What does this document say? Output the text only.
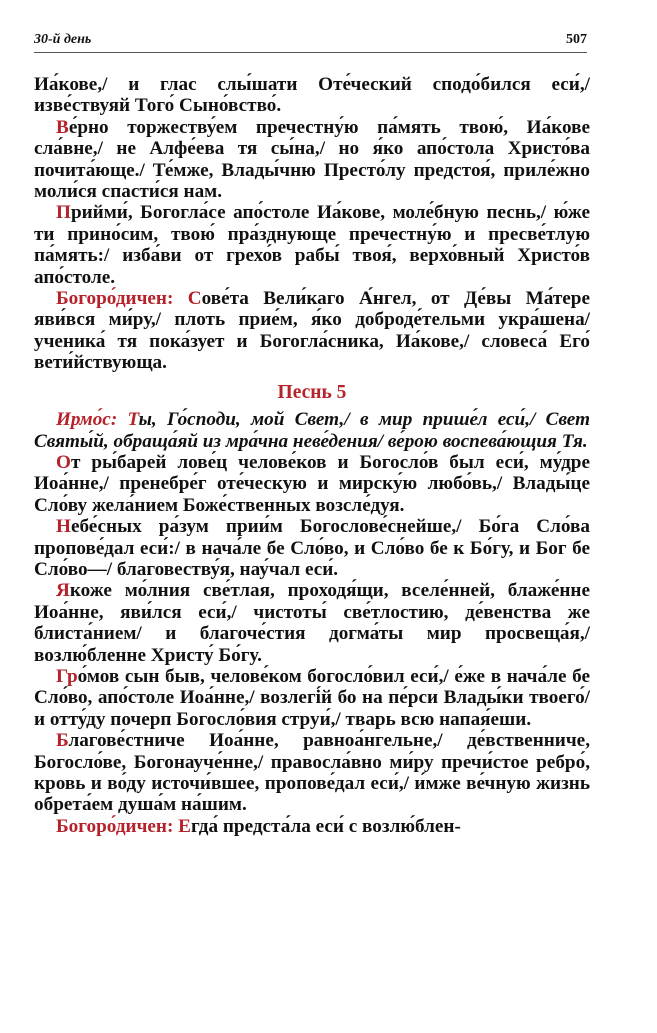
30-й день	507

Иа́кове,/ и глас слы́шати Оте́ческий сподо́бился еси́,/ изве́ствуяй Того́ Сыно́вство́.

Ве́рно торжеству́ем пречестну́ю па́мять твою́, Иа́кове сла́вне,/ не Алфе́ева тя сы́на,/ но я́ко апо́стола Христо́ва почита́юще./ Те́мже, Влады́чню Престо́лу предстоя́, приле́жно моли́ся спасти́ся нам.

Прийми́, Богогла́се апо́столе Иа́кове, моле́бную песнь,/ ю́же ти прино́сим, твою́ пра́зднующе пречестну́ю и пресве́тлую па́мять:/ изба́ви от грехо́в рабы́ твоя́, верхо́вный Христо́в апо́столе.

Богоро́дичен: Сове́та Вели́каго А́нгел, от Де́вы Ма́тере яви́вся ми́ру,/ плоть прие́м, я́ко доброде́тельми укра́шена/ ученика́ тя пока́зует и Богогла́сника, Иа́кове,/ словеса́ Его́ вети́йствующа.

Песнь 5

Ирмо́с: Ты, Го́споди, мой Свет,/ в мир прише́л еси́,/ Свет Святы́й, обраща́яй из мра́чна неве́дения/ ве́рою воспева́ющия Тя.

От ры́барей лове́ц челове́ков и Богосло́в был еси́, му́дре Иоа́нне,/ пренебре́г оте́ческую и мирску́ю любо́вь,/ Влады́це Сло́ву жела́нием Боже́ственных возсле́дуя.

Небе́сных ра́зум прии́м Богослове́снейше,/ Бо́га Сло́ва пропове́дал еси́:/ в нача́ле бе Сло́во, и Сло́во бе к Бо́гу, и Бог бе Сло́во—/ благовеству́я, нау́чал еси́.

Якоже мо́лния све́тлая, проходя́щи, вселе́нней, блаже́нне Иоа́нне, яви́лся еси́,/ чистоты́ све́тлостию, де́венства же блиста́нием/ и благоче́стия догма́ты мир просвеща́я,/ возлю́бленне Христу́ Бо́гу.

Гро́мов сын быв, челове́ком богосло́вил еси́,/ е́же в нача́ле бе Сло́во, апо́столе Иоа́нне,/ возлегі́й бо на пе́рси Влады́ки твоего́/ и отту́ду почерп Богосло́вия струи́,/ тварь всю напая́еши.

Благове́стниче Иоа́нне, равноа́нгельне,/ де́вственниче, Богосло́ве, Богонауче́нне,/ правосла́вно ми́ру пречи́стое ребро́, кровь и во́ду источи́вшее, пропове́дал еси́,/ и́мже ве́чную жизнь обрета́ем душа́м на́шим.

Богоро́дичен: Егда́ предста́ла еси́ с возлю́блен-
